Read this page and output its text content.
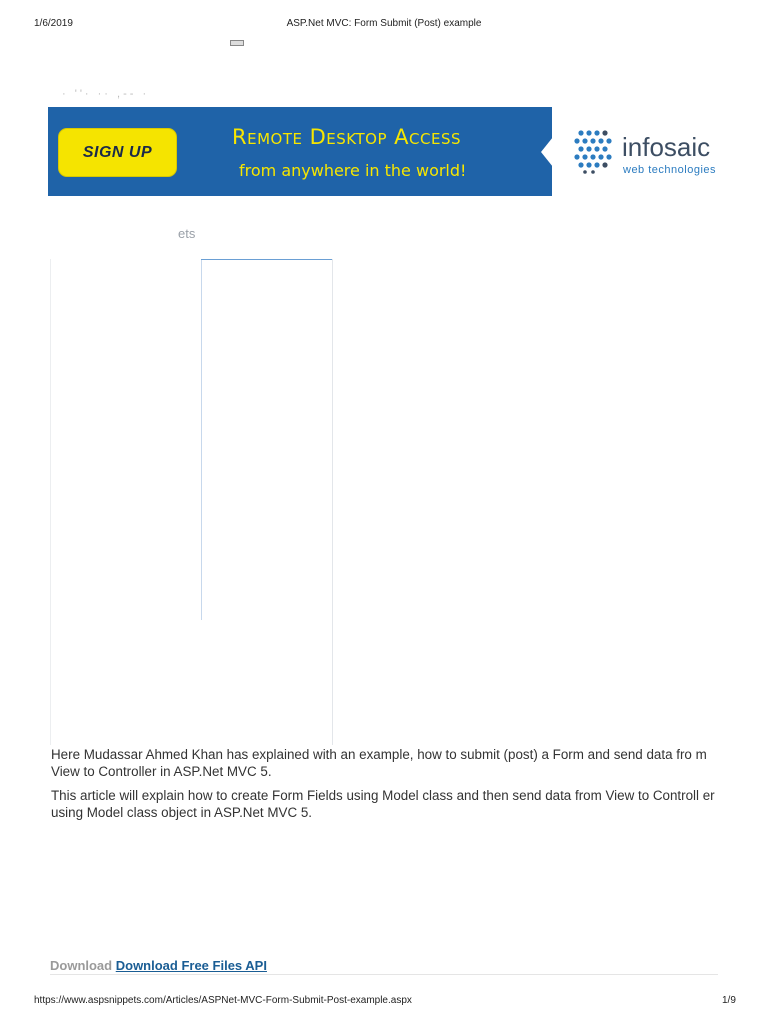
1/6/2019	ASP.Net MVC: Form Submit (Post) example
· ''· ·· ,-- ·
SIGN UP
Remote Desktop Access
from anywhere in the world!
infosaic
web technologies
ets
Here Mudassar Ahmed Khan has explained with an example, how to submit (post) a Form and send data fro m View to Controller in ASP.Net MVC 5.
This article will explain how to create Form Fields using Model class and then send data from View to Controll er using Model class object in ASP.Net MVC 5.
Download Download Free Files API
https://www.aspsnippets.com/Articles/ASPNet-MVC-Form-Submit-Post-example.aspx	1/9
